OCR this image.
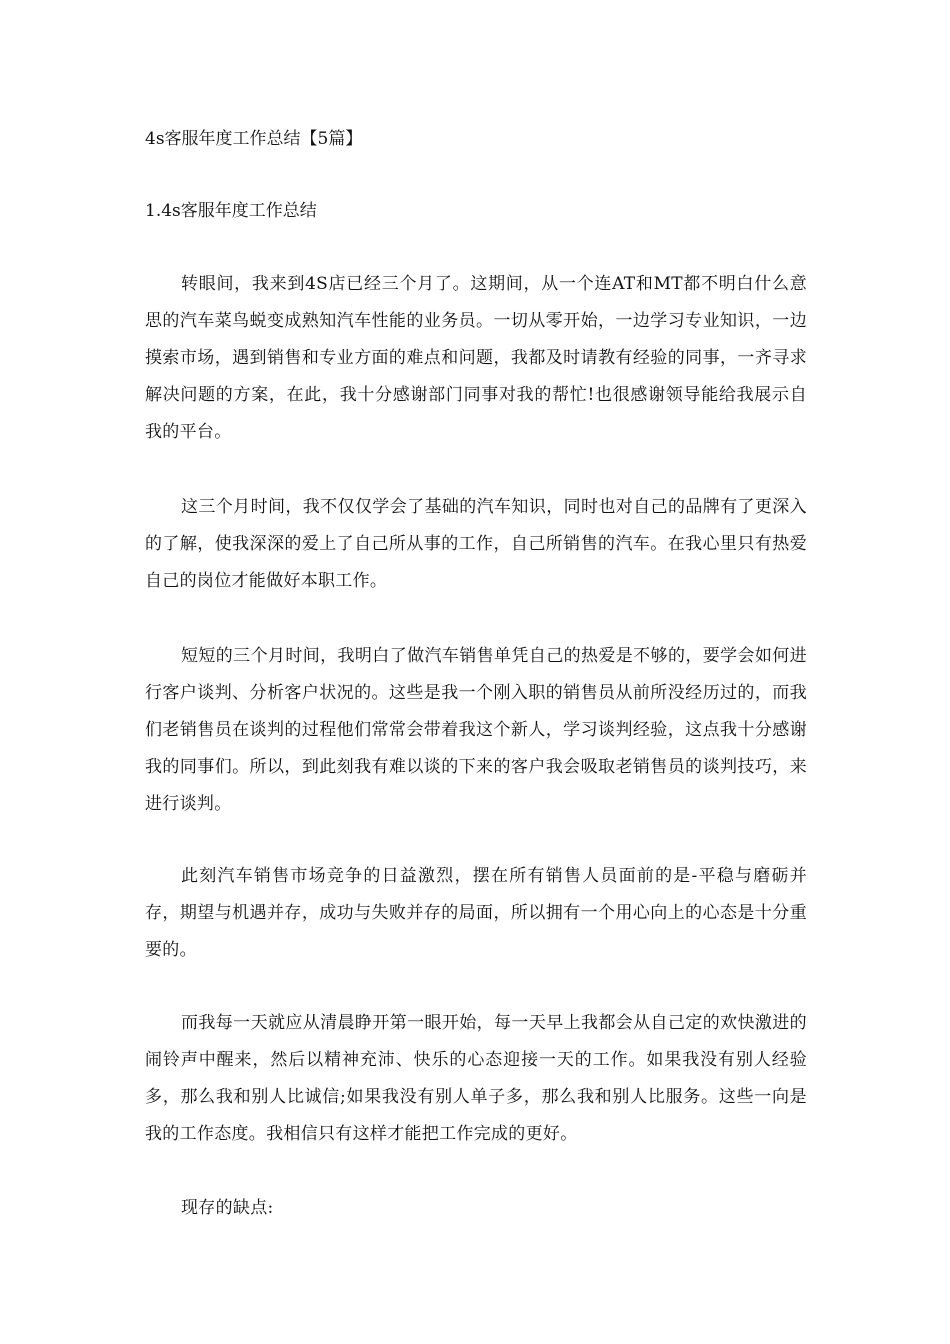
4s客服年度工作总结【5篇】
1.4s客服年度工作总结

转眼间，我来到4S店已经三个月了。这期间，从一个连AT和MT都不明白什么意思的汽车菜鸟蜕变成熟知汽车性能的业务员。一切从零开始，一边学习专业知识，一边摸索市场，遇到销售和专业方面的难点和问题，我都及时请教有经验的同事，一齐寻求解决问题的方案，在此，我十分感谢部门同事对我的帮忙!也很感谢领导能给我展示自我的平台。

这三个月时间，我不仅仅学会了基础的汽车知识，同时也对自己的品牌有了更深入的了解，使我深深的爱上了自己所从事的工作，自己所销售的汽车。在我心里只有热爱自己的岗位才能做好本职工作。

短短的三个月时间，我明白了做汽车销售单凭自己的热爱是不够的，要学会如何进行客户谈判、分析客户状况的。这些是我一个刚入职的销售员从前所没经历过的，而我们老销售员在谈判的过程他们常常会带着我这个新人，学习谈判经验，这点我十分感谢我的同事们。所以，到此刻我有难以谈的下来的客户我会吸取老销售员的谈判技巧，来进行谈判。

此刻汽车销售市场竞争的日益激烈，摆在所有销售人员面前的是-平稳与磨砺并存，期望与机遇并存，成功与失败并存的局面，所以拥有一个用心向上的心态是十分重要的。

而我每一天就应从清晨睁开第一眼开始，每一天早上我都会从自己定的欢快激进的闹铃声中醒来，然后以精神充沛、快乐的心态迎接一天的工作。如果我没有别人经验多，那么我和别人比诚信;如果我没有别人单子多，那么我和别人比服务。这些一向是我的工作态度。我相信只有这样才能把工作完成的更好。

现存的缺点:
